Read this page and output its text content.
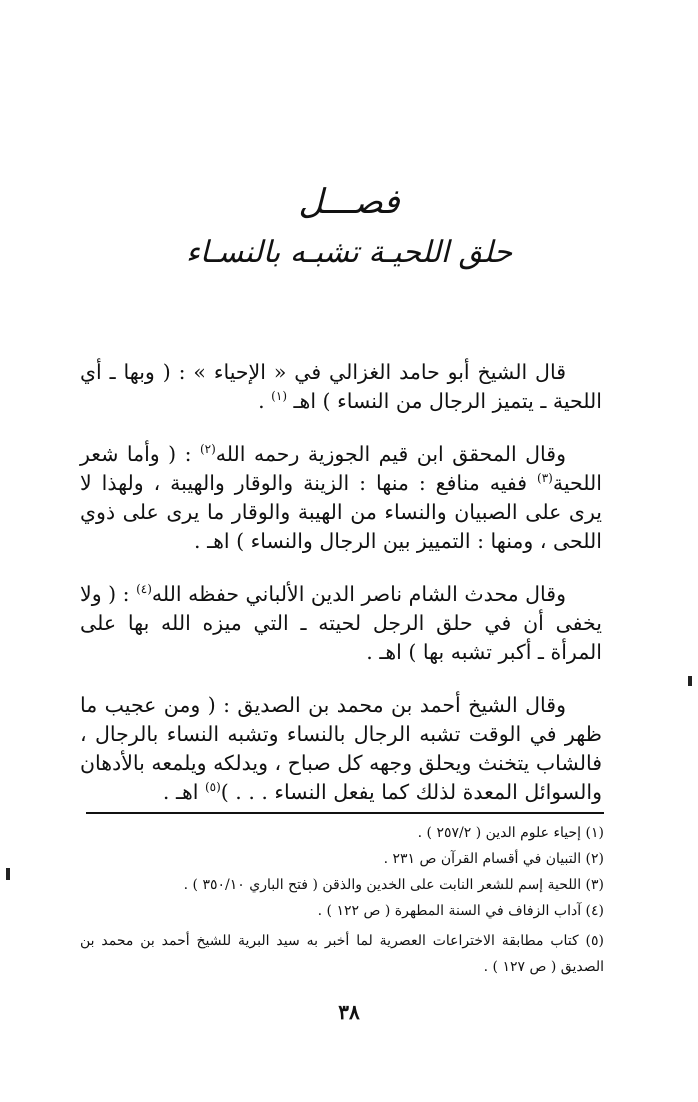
فصـــل
حلق اللحيـة تشبـه بالنسـاء

قال الشيخ أبو حامد الغزالي في « الإحياء » : ( وبها ـ أي اللحية ـ يتميز الرجال من النساء ) اهـ $^{(١)}$ .

وقال المحقق ابن قيم الجوزية رحمه الله$^{(٢)}$ : ( وأما شعر اللحية$^{(٣)}$ ففيه منافع : منها : الزينة والوقار والهيبة ، ولهذا لا يرى على الصبيان والنساء من الهيبة والوقار ما يرى على ذوي اللحى ، ومنها : التمييز بين الرجال والنساء ) اهـ .

وقال محدث الشام ناصر الدين الألباني حفظه الله$^{(٤)}$ : ( ولا يخفى أن في حلق الرجل لحيته ـ التي ميزه الله بها على المرأة ـ أكبر تشبه بها ) اهـ .

وقال الشيخ أحمد بن محمد بن الصديق : ( ومن عجيب ما ظهر في الوقت تشبه الرجال بالنساء وتشبه النساء بالرجال ، فالشاب يتخنث ويحلق وجهه كل صباح ، ويدلكه ويلمعه بالأدهان والسوائل المعدة لذلك كما يفعل النساء . . . )$^{(٥)}$ اهـ .

(١) إحياء علوم الدين ( ٢٥٧/٢ ) .

(٢) التبيان في أقسام القرآن ص ٢٣١ .

(٣) اللحية إسم للشعر النابت على الخدين والذقن ( فتح الباري ٣٥٠/١٠ ) .

(٤) آداب الزفاف في السنة المطهرة ( ص ١٢٢ ) .

(٥) كتاب مطابقة الاختراعات العصرية لما أخبر به سيد البرية للشيخ أحمد بن محمد بن الصديق ( ص ١٢٧ ) .

٣٨
